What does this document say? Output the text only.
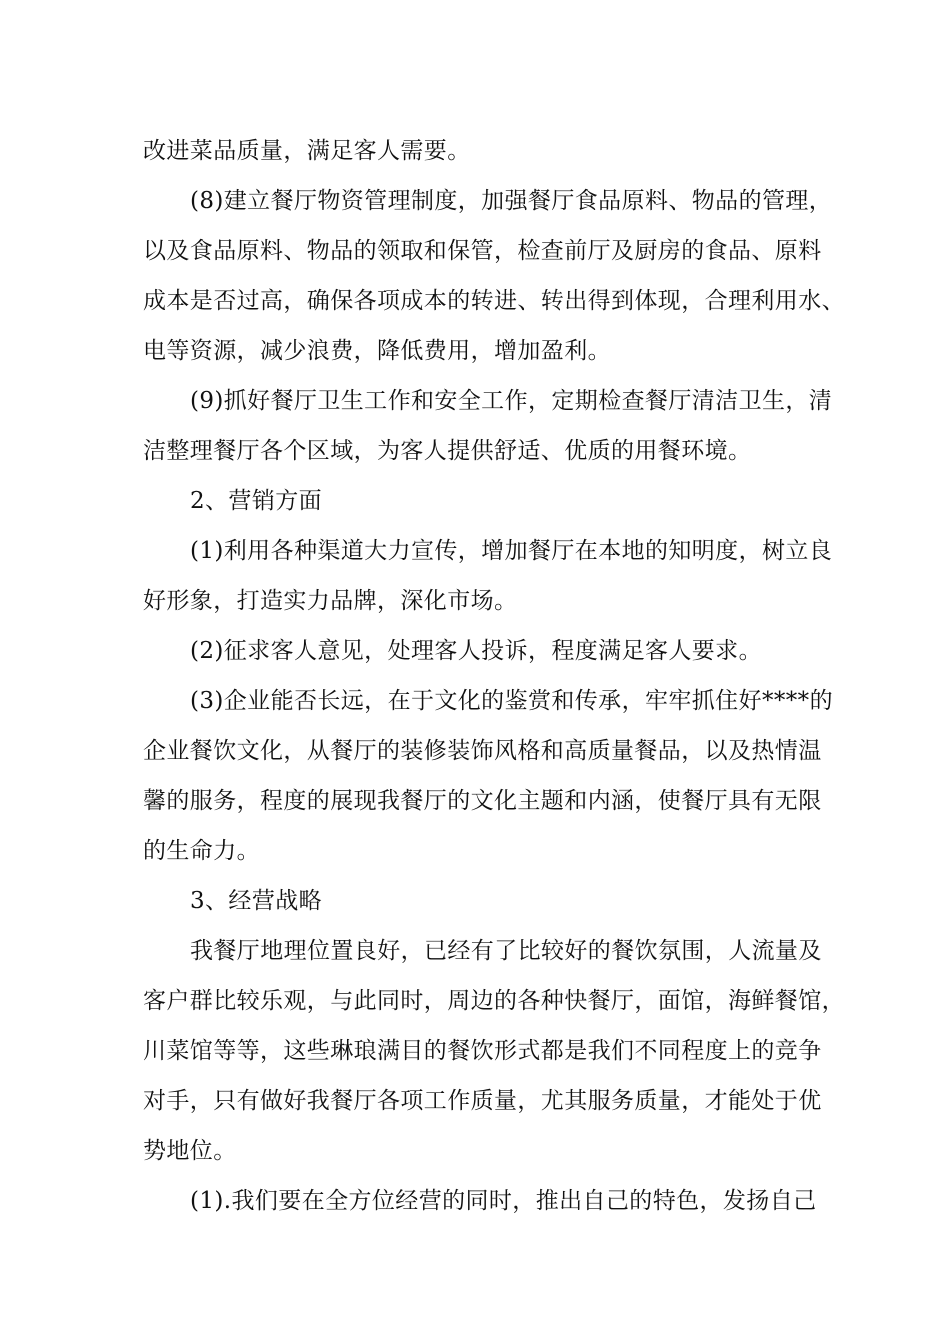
改进菜品质量，满足客人需要。
(8)建立餐厅物资管理制度，加强餐厅食品原料、物品的管理，
以及食品原料、物品的领取和保管，检查前厅及厨房的食品、原料
成本是否过高，确保各项成本的转进、转出得到体现，合理利用水、
电等资源，减少浪费，降低费用，增加盈利。
(9)抓好餐厅卫生工作和安全工作，定期检查餐厅清洁卫生，清
洁整理餐厅各个区域，为客人提供舒适、优质的用餐环境。
2、营销方面
(1)利用各种渠道大力宣传，增加餐厅在本地的知明度，树立良
好形象，打造实力品牌，深化市场。
(2)征求客人意见，处理客人投诉，程度满足客人要求。
(3)企业能否长远，在于文化的鉴赏和传承，牢牢抓住好****的
企业餐饮文化，从餐厅的装修装饰风格和高质量餐品，以及热情温
馨的服务，程度的展现我餐厅的文化主题和内涵，使餐厅具有无限
的生命力。
3、经营战略
我餐厅地理位置良好，已经有了比较好的餐饮氛围，人流量及
客户群比较乐观，与此同时，周边的各种快餐厅，面馆，海鲜餐馆，
川菜馆等等，这些琳琅满目的餐饮形式都是我们不同程度上的竞争
对手，只有做好我餐厅各项工作质量，尤其服务质量，才能处于优
势地位。
(1).我们要在全方位经营的同时，推出自己的特色，发扬自己
